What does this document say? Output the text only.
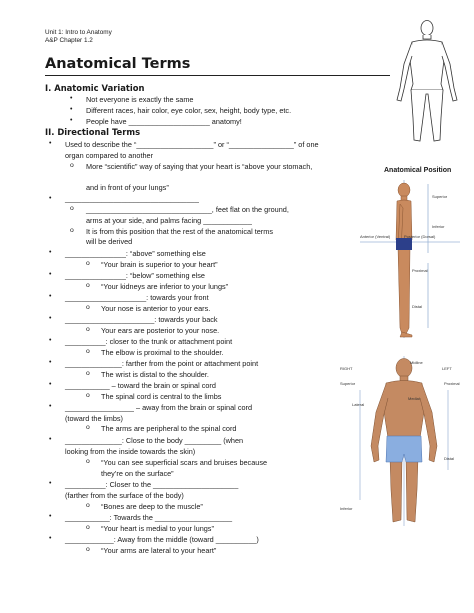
Unit 1: Intro to Anatomy
A&P Chapter 1.2
Anatomical Terms
I. Anatomic Variation
• Not everyone is exactly the same
• Different races, hair color, eye color, sex, height, body type, etc.
• People have ____________________ anatomy!
II. Directional Terms
• Used to describe the “___________________” or “________________” of one
organ compared to another
o More “scientific” way of saying that your heart is “above your stomach,
and in front of your lungs”
• _________________________________
o _______________________________, feet flat on the ground,
arms at your side, and palms facing ____________
o It is from this position that the rest of the anatomical terms
will be derived
• _______________: “above” something else
o “Your brain is superior to your heart”
• _______________: “below” something else
o “Your kidneys are inferior to your lungs”
• ____________________: towards your front
o Your nose is anterior to your ears.
• ______________________: towards your back
o Your ears are posterior to your nose.
• __________: closer to the trunk or attachment point
o The elbow is proximal to the shoulder.
• ______________: farther from the point or attachment point
o The wrist is distal to the shoulder.
• ___________ – toward the brain or spinal cord
o The spinal cord is central to the limbs
• _________________ – away from the brain or spinal cord
(toward the limbs)
o The arms are peripheral to the spinal cord
• ______________: Close to the body _________ (when
looking from the inside towards the skin)
o “You can see superficial scars and bruises because
they’re on the surface”
• __________: Closer to the _____________________
(farther from the surface of the body)
o “Bones are deep to the muscle”
• ___________: Towards the ___________________
o “Your heart is medial to your lungs”
• ____________: Away from the middle (toward __________)
o “Your arms are lateral to your heart”
Anatomical Position
Superior
Inferior
Anterior (Ventral)	Posterior (Dorsal)
Proximal
Distal
RIGHT
Midline
LEFT
Superior	Proximal
Medial
Lateral
Distal
Inferior
